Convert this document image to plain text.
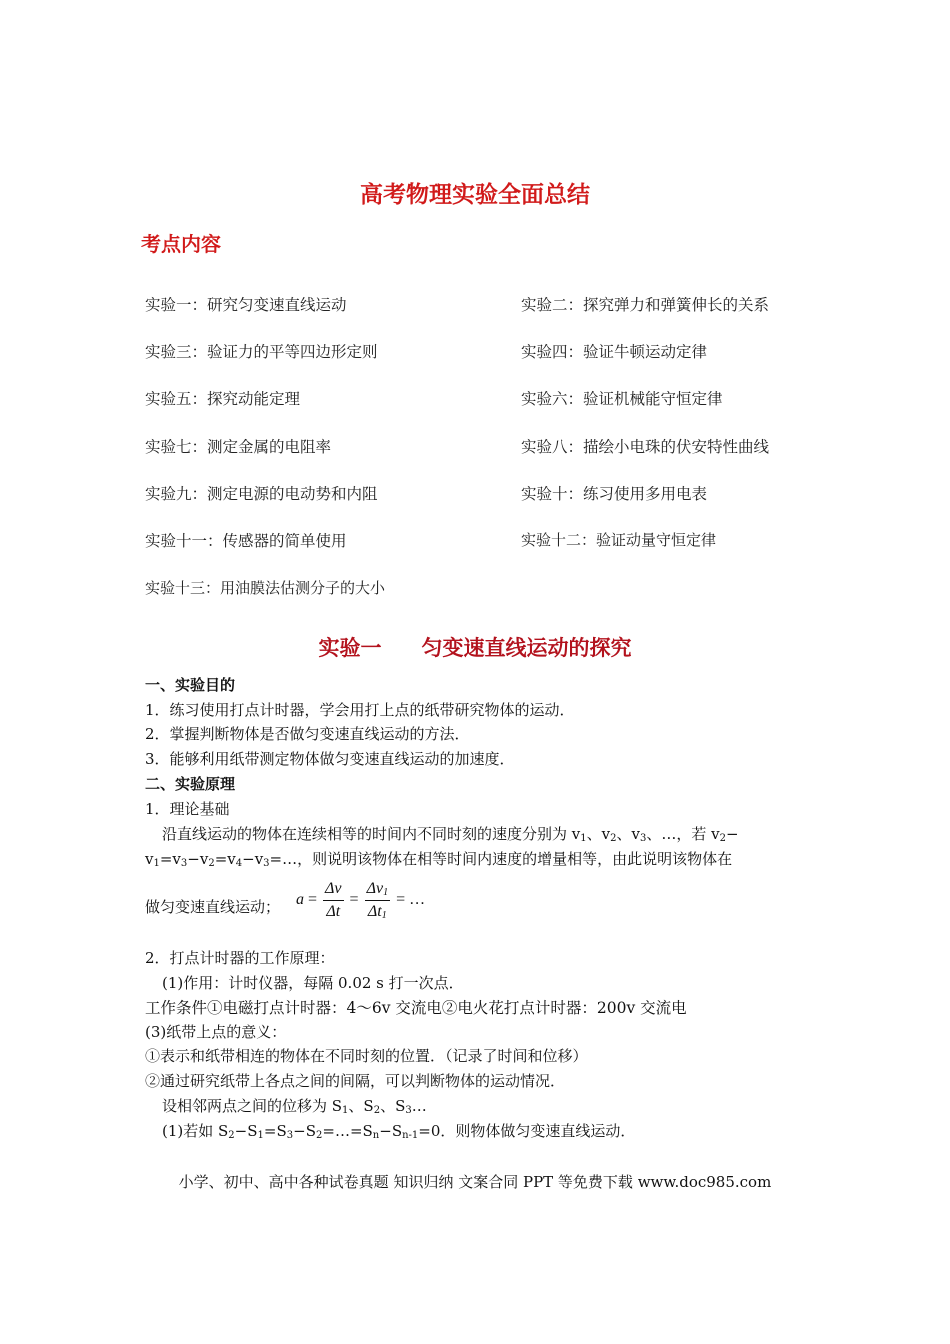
高考物理实验全面总结
考点内容
实验一：研究匀变速直线运动	实验二：探究弹力和弹簧伸长的关系
实验三：验证力的平等四边形定则	实验四：验证牛顿运动定律
实验五：探究动能定理	实验六：验证机械能守恒定律
实验七：测定金属的电阻率	实验八：描绘小电珠的伏安特性曲线
实验九：测定电源的电动势和内阻	实验十：练习使用多用电表
实验十一：传感器的简单使用	实验十二：验证动量守恒定律
实验十三：用油膜法估测分子的大小
实验一 匀变速直线运动的探究
一、实验目的
1．练习使用打点计时器，学会用打上点的纸带研究物体的运动．
2．掌握判断物体是否做匀变速直线运动的方法．
3．能够利用纸带测定物体做匀变速直线运动的加速度．
二、实验原理
1．理论基础
沿直线运动的物体在连续相等的时间内不同时刻的速度分别为 $v_1$、$v_2$、$v_3$、…，若 $v_2-$
$v_1=v_3-v_2=v_4-v_3=\dots$，则说明该物体在相等时间内速度的增量相等，由此说明该物体在
做匀变速直线运动； $a = \frac{\Delta v}{\Delta t} = \frac{\Delta v_1}{\Delta t_1}$ = …
2．打点计时器的工作原理：
(1)作用：计时仪器，每隔 0.02 s 打一次点．
工作条件①电磁打点计时器：4～6v 交流电②电火花打点计时器：200v 交流电
(3)纸带上点的意义：
①表示和纸带相连的物体在不同时刻的位置．（记录了时间和位移）
②通过研究纸带上各点之间的间隔，可以判断物体的运动情况．
设相邻两点之间的位移为 $S_1$、$S_2$、$S_3\dots$
(1)若如 $S_2-S_1=S_3-S_2=\dots=S_n-S_{n-1}=0$．则物体做匀变速直线运动．
小学、初中、高中各种试卷真题 知识归纳 文案合同 PPT 等免费下载 www.doc985.com
